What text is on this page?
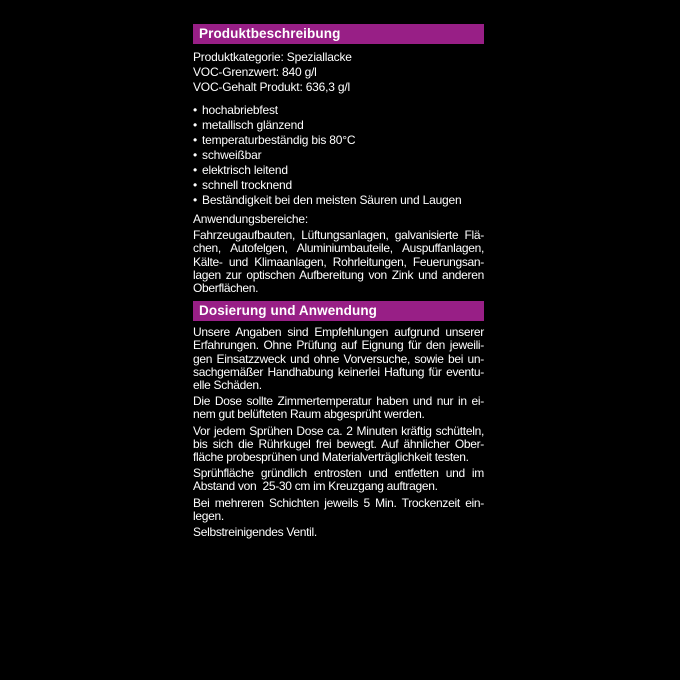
Produktbeschreibung
Produktkategorie: Speziallacke
VOC-Grenzwert: 840 g/l
VOC-Gehalt Produkt: 636,3 g/l
• hochabriebfest
• metallisch glänzend
• temperaturbeständig bis 80°C
• schweißbar
• elektrisch leitend
• schnell trocknend
• Beständigkeit bei den meisten Säuren und Laugen
Anwendungsbereiche:
Fahrzeugaufbauten, Lüftungsanlagen, galvanisierte Flä-
chen, Autofelgen, Aluminiumbauteile, Auspuffanlagen,
Kälte- und Klimaanlagen, Rohrleitungen, Feuerungsan-
lagen zur optischen Aufbereitung von Zink und anderen
Oberflächen.
Dosierung und Anwendung
Unsere Angaben sind Empfehlungen aufgrund unserer
Erfahrungen. Ohne Prüfung auf Eignung für den jeweili-
gen Einsatzzweck und ohne Vorversuche, sowie bei un-
sachgemäßer Handhabung keinerlei Haftung für eventu-
elle Schäden.
Die Dose sollte Zimmertemperatur haben und nur in ei-
nem gut belüfteten Raum abgesprüht werden.
Vor jedem Sprühen Dose ca. 2 Minuten kräftig schütteln,
bis sich die Rührkugel frei bewegt. Auf ähnlicher Ober-
fläche probesprühen und Materialverträglichkeit testen.
Sprühfläche gründlich entrosten und entfetten und im
Abstand von  25-30 cm im Kreuzgang auftragen.
Bei mehreren Schichten jeweils 5 Min. Trockenzeit ein-
legen.
Selbstreinigendes Ventil.
